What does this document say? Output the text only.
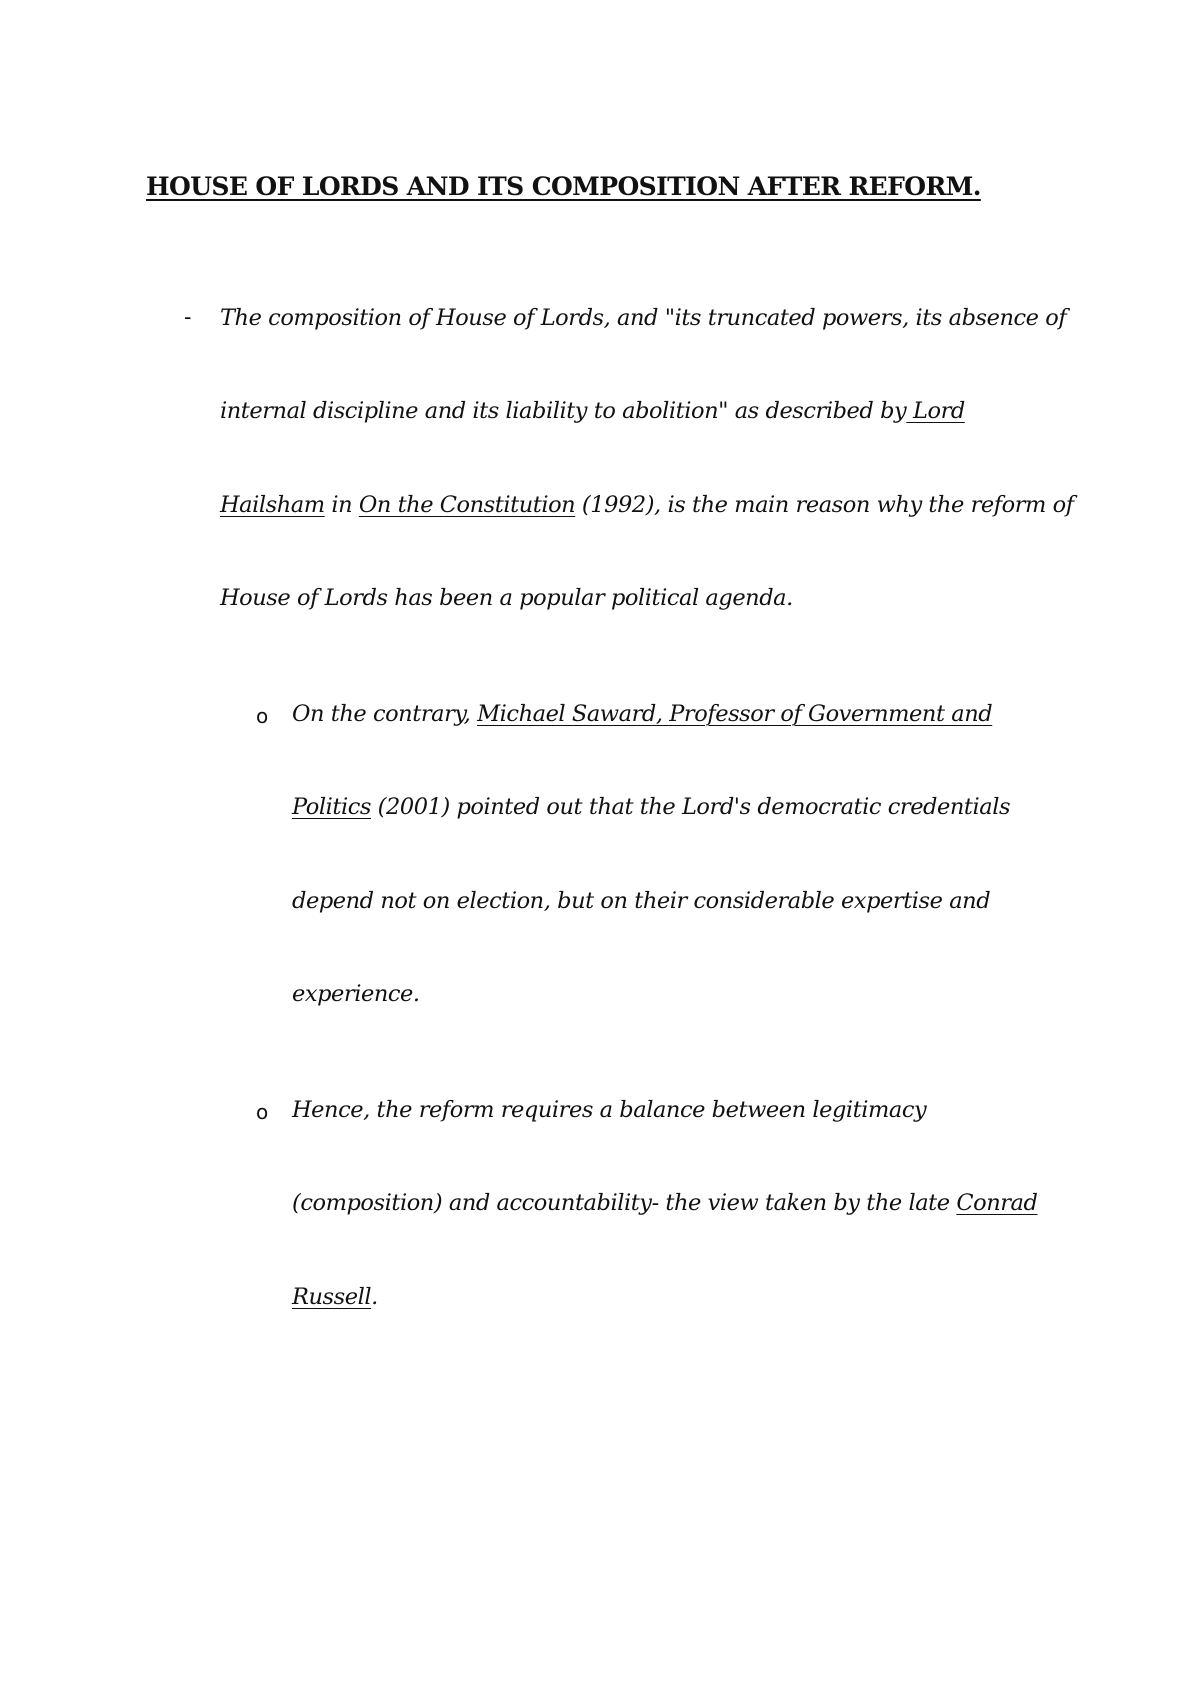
HOUSE OF LORDS AND ITS COMPOSITION AFTER REFORM.
- The composition of House of Lords, and "its truncated powers, its absence of
internal discipline and its liability to abolition" as described by Lord
Hailsham in On the Constitution (1992), is the main reason why the reform of
House of Lords has been a popular political agenda.
o On the contrary, Michael Saward, Professor of Government and
Politics (2001) pointed out that the Lord's democratic credentials
depend not on election, but on their considerable expertise and
experience.
o Hence, the reform requires a balance between legitimacy
(composition) and accountability- the view taken by the late Conrad
Russell.
